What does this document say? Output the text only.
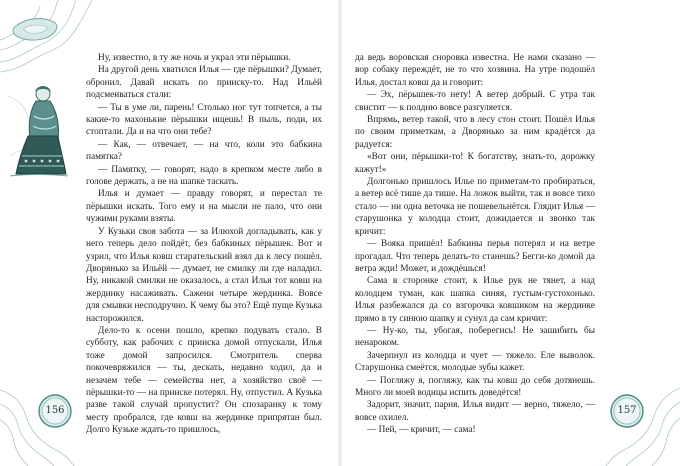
Ну, известно, в ту же ночь и украл эти пёрышки.

На другой день хватился Илья — где пёрышки? Думает, обронил. Давай искать по прииску-то. Над Ильёй подсмеиваться стали:

— Ты в уме ли, парень! Столько ног тут топчется, а ты какие-то махонькие пёрышки ищешь! В пыль, поди, их стоптали. Да и на что они тебе?

— Как, — отвечает, — на что, коли это бабкина памятка?

— Памятку, — говорят, надо в крепком месте либо в голове держать, а не на шапке таскать.

Илья и думает — правду говорят, и перестал те пёрышки искать. Того ему и на мысли не пало, что они чужими руками взяты.

У Кузьки своя забота — за Илюхой догладывать, как у него теперь дело пойдёт, без бабкиных пёрышек. Вот и узрил, что Илья ковш старательский взял да к лесу пошёл. Дворянько за Ильёй — думает, не смилку ли где наладил. Ну, никакой смилки не оказалось, а стал Илья тот ковш на жердинку насаживать. Сажени четыре жердинка. Вовсе для смывки несподручно. К чему бы это? Ещё пуще Кузька насторожился.

Дело-то к осени пошло, крепко подувать стало. В субботу, как рабочих с прииска домой отпускали, Илья тоже домой запросился. Смотритель сперва покочевряжился — ты, дескать, недавно ходил, да и незачем тебе — семейства нет, а хозяйство своё — пёрышки-то — на прииске потерял. Ну, отпустил. А Кузька разве такой случай пропустит? Он спозаранку к тому месту пробрался, где ковш на жердинке припрятан был. Долго Кузьке ждать-то пришлось,

156

да ведь воровская сноровка известна. Не нами сказано — вор собаку переждёт, не то что хозяина. На утре подошёл Илья, достал ковш да и говорит:

— Эх, пёрышек-то нету! А ветер добрый. С утра так свистит — к полдню вовсе разгуляется.

Впрямь, ветер такой, что в лесу стон стоит. Пошёл Илья по своим приметкам, а Дворянько за ним крадётся да радуется:

«Вот они, пёрышки-то! К богатству, знать-то, дорожку кажут!»

Долгонько пришлось Илье по приметам-то пробираться, а ветер всё тише да тише. На ложок выйти, так и вовсе тихо стало — ни одна веточка не пошевельнётся. Глядит Илья — старушонка у колодца стоит, дожидается и звонко так кричит:

— Вояка пришёл! Бабкины перья потерял и на ветре прогадал. Что теперь делать-то станешь? Бегги-ко домой да ветра жди! Может, и дождёшься!

Сама в сторонке стоит, к Илье рук не тянет, а над колодцем туман, как шапка синяя, густым-густохонько. Илья разбежался да со взгорочка ковшиком на жердинке прямо в ту синюю шапку и сунул да сам кричит:

— Ну-ко, ты, убогая, поберегись! Не зашибить бы ненароком.

Зачерпнул из колодца и чует — тяжело. Еле выволок. Старушонка смеётся, молодые зубы кажет.

— Погляжу я, погляжу, как ты ковш до себя дотянешь. Много ли моей водицы испить доведётся!

Задорит, значит, парня. Илья видит — верно, тяжело, — вовсе охилел.

— Пей, — кричит, — сама!

157
